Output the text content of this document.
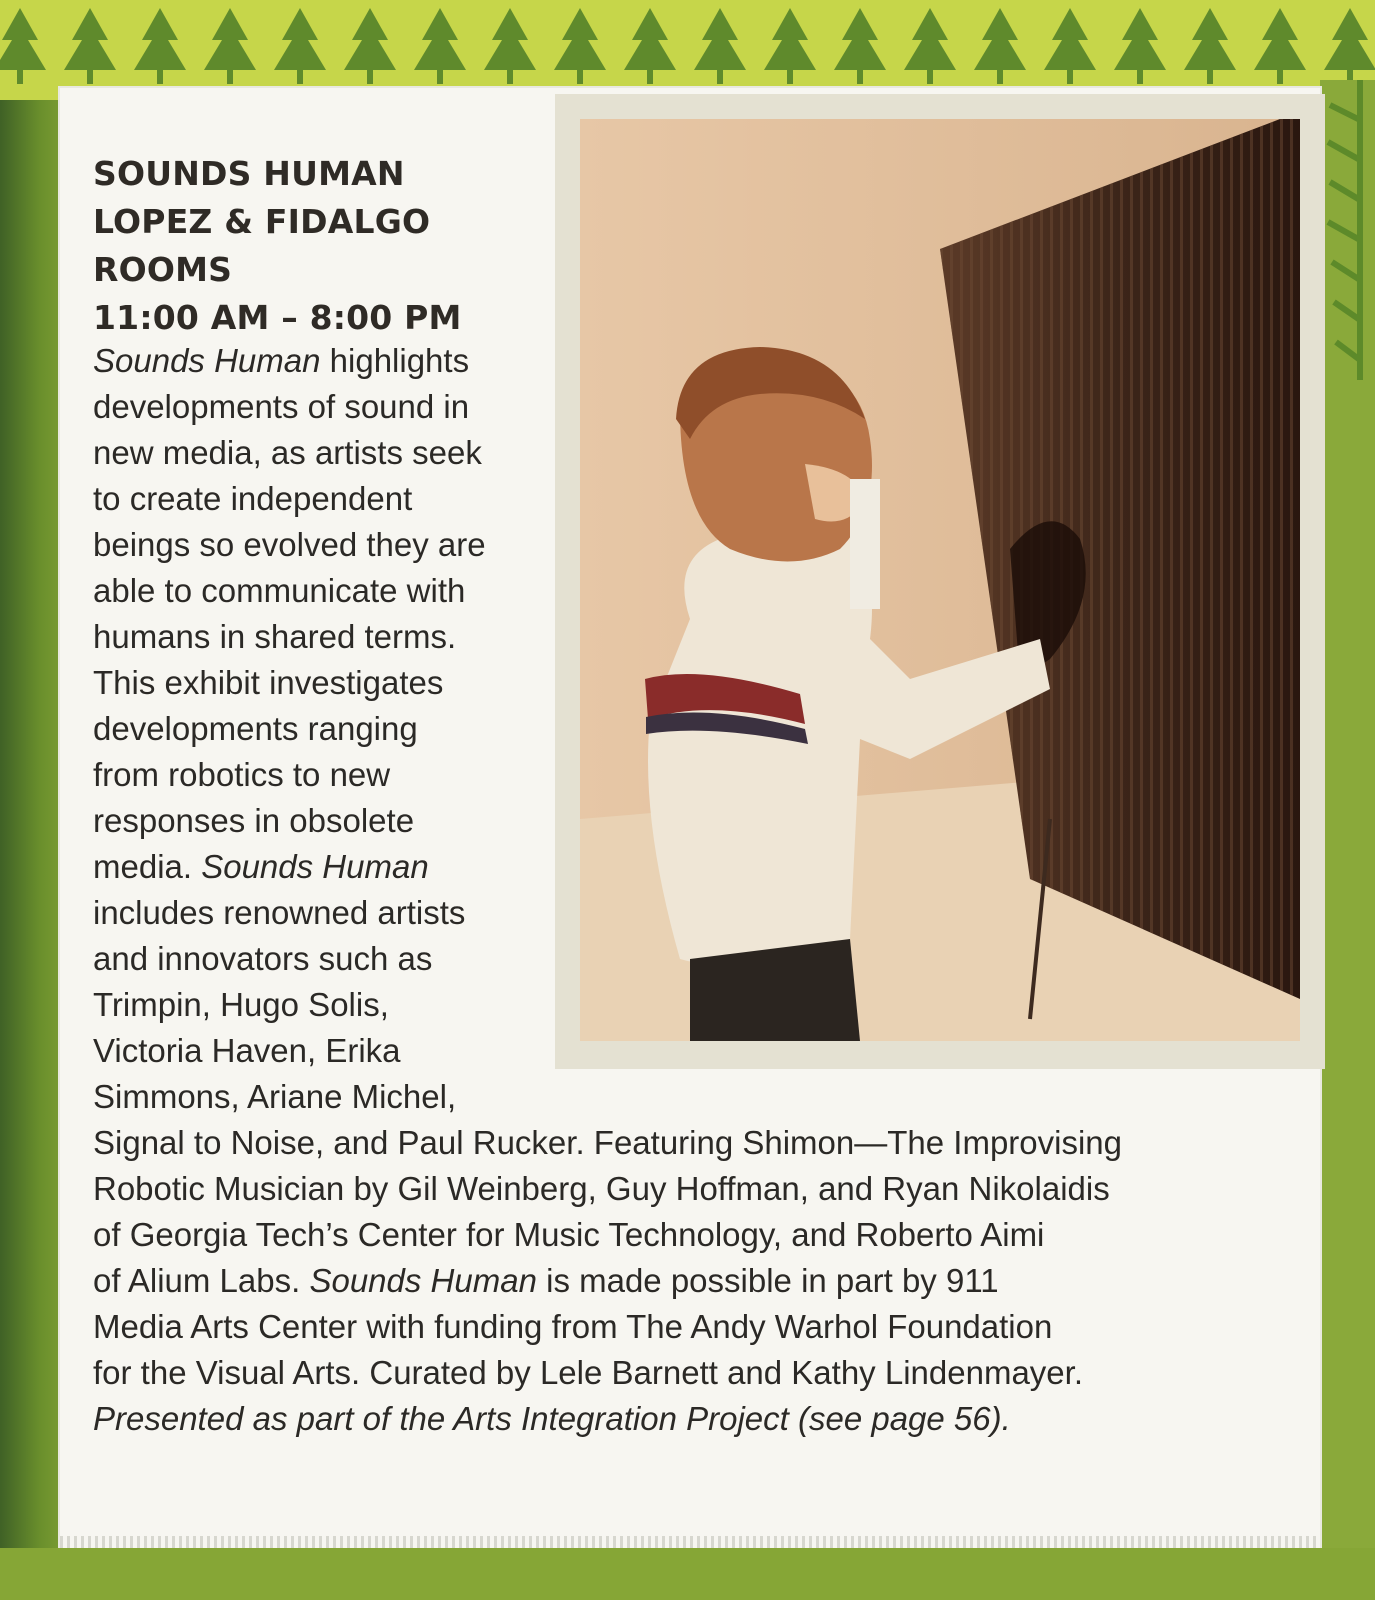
SOUNDS HUMAN
LOPEZ & FIDALGO
ROOMS
11:00 AM – 8:00 PM

Sounds Human highlights
developments of sound in
new media, as artists seek
to create independent
beings so evolved they are
able to communicate with
humans in shared terms.
This exhibit investigates
developments ranging
from robotics to new
responses in obsolete
media. Sounds Human
includes renowned artists
and innovators such as
Trimpin, Hugo Solis,
Victoria Haven, Erika
Simmons, Ariane Michel,

Signal to Noise, and Paul Rucker. Featuring Shimon—The Improvising
Robotic Musician by Gil Weinberg, Guy Hoffman, and Ryan Nikolaidis
of Georgia Tech’s Center for Music Technology, and Roberto Aimi
of Alium Labs. Sounds Human is made possible in part by 911
Media Arts Center with funding from The Andy Warhol Foundation
for the Visual Arts. Curated by Lele Barnett and Kathy Lindenmayer.
Presented as part of the Arts Integration Project (see page 56).
